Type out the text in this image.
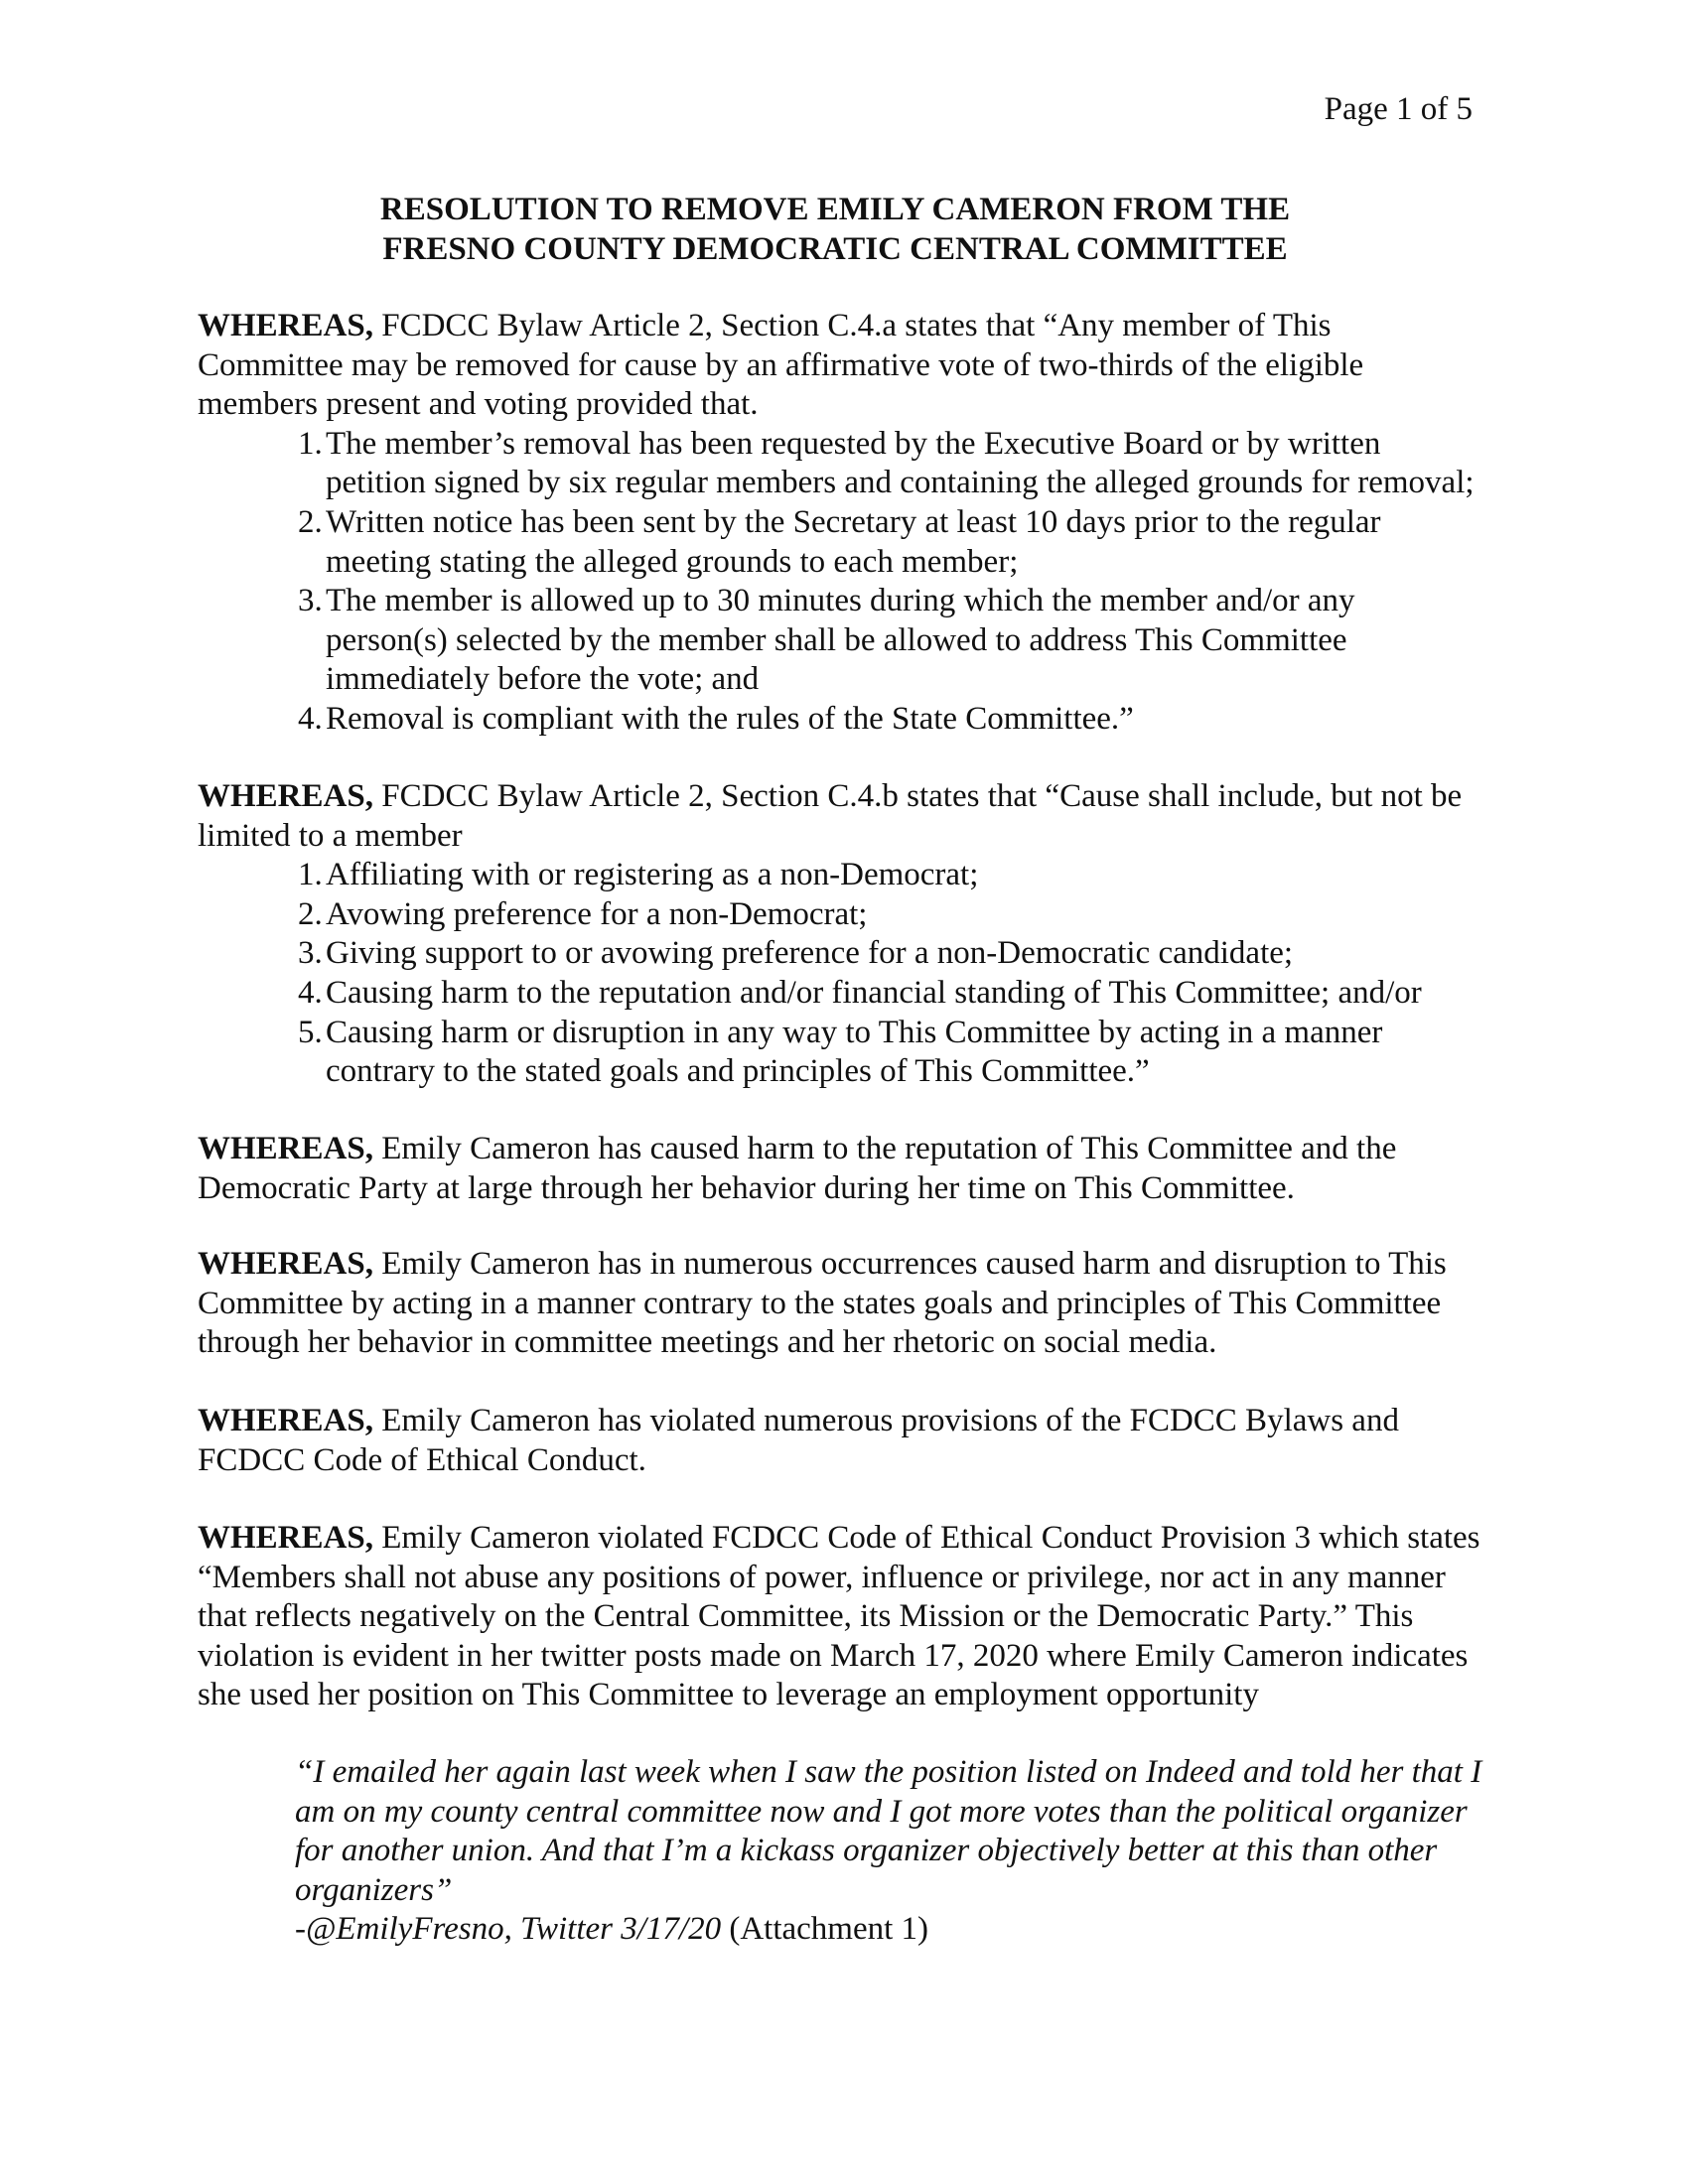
Page 1 of 5
RESOLUTION TO REMOVE EMILY CAMERON FROM THE
FRESNO COUNTY DEMOCRATIC CENTRAL COMMITTEE
WHEREAS, FCDCC Bylaw Article 2, Section C.4.a states that “Any member of This Committee may be removed for cause by an affirmative vote of two-thirds of the eligible members present and voting provided that.
1. The member’s removal has been requested by the Executive Board or by written petition signed by six regular members and containing the alleged grounds for removal;
2. Written notice has been sent by the Secretary at least 10 days prior to the regular meeting stating the alleged grounds to each member;
3. The member is allowed up to 30 minutes during which the member and/or any person(s) selected by the member shall be allowed to address This Committee immediately before the vote; and
4. Removal is compliant with the rules of the State Committee.”
WHEREAS, FCDCC Bylaw Article 2, Section C.4.b states that “Cause shall include, but not be limited to a member
1. Affiliating with or registering as a non-Democrat;
2. Avowing preference for a non-Democrat;
3. Giving support to or avowing preference for a non-Democratic candidate;
4. Causing harm to the reputation and/or financial standing of This Committee; and/or
5. Causing harm or disruption in any way to This Committee by acting in a manner contrary to the stated goals and principles of This Committee.”
WHEREAS, Emily Cameron has caused harm to the reputation of This Committee and the Democratic Party at large through her behavior during her time on This Committee.
WHEREAS, Emily Cameron has in numerous occurrences caused harm and disruption to This Committee by acting in a manner contrary to the states goals and principles of This Committee through her behavior in committee meetings and her rhetoric on social media.
WHEREAS, Emily Cameron has violated numerous provisions of the FCDCC Bylaws and FCDCC Code of Ethical Conduct.
WHEREAS, Emily Cameron violated FCDCC Code of Ethical Conduct Provision 3 which states “Members shall not abuse any positions of power, influence or privilege, nor act in any manner that reflects negatively on the Central Committee, its Mission or the Democratic Party.” This violation is evident in her twitter posts made on March 17, 2020 where Emily Cameron indicates she used her position on This Committee to leverage an employment opportunity
“I emailed her again last week when I saw the position listed on Indeed and told her that I am on my county central committee now and I got more votes than the political organizer for another union. And that I’m a kickass organizer objectively better at this than other organizers”
-@EmilyFresno, Twitter 3/17/20 (Attachment 1)
